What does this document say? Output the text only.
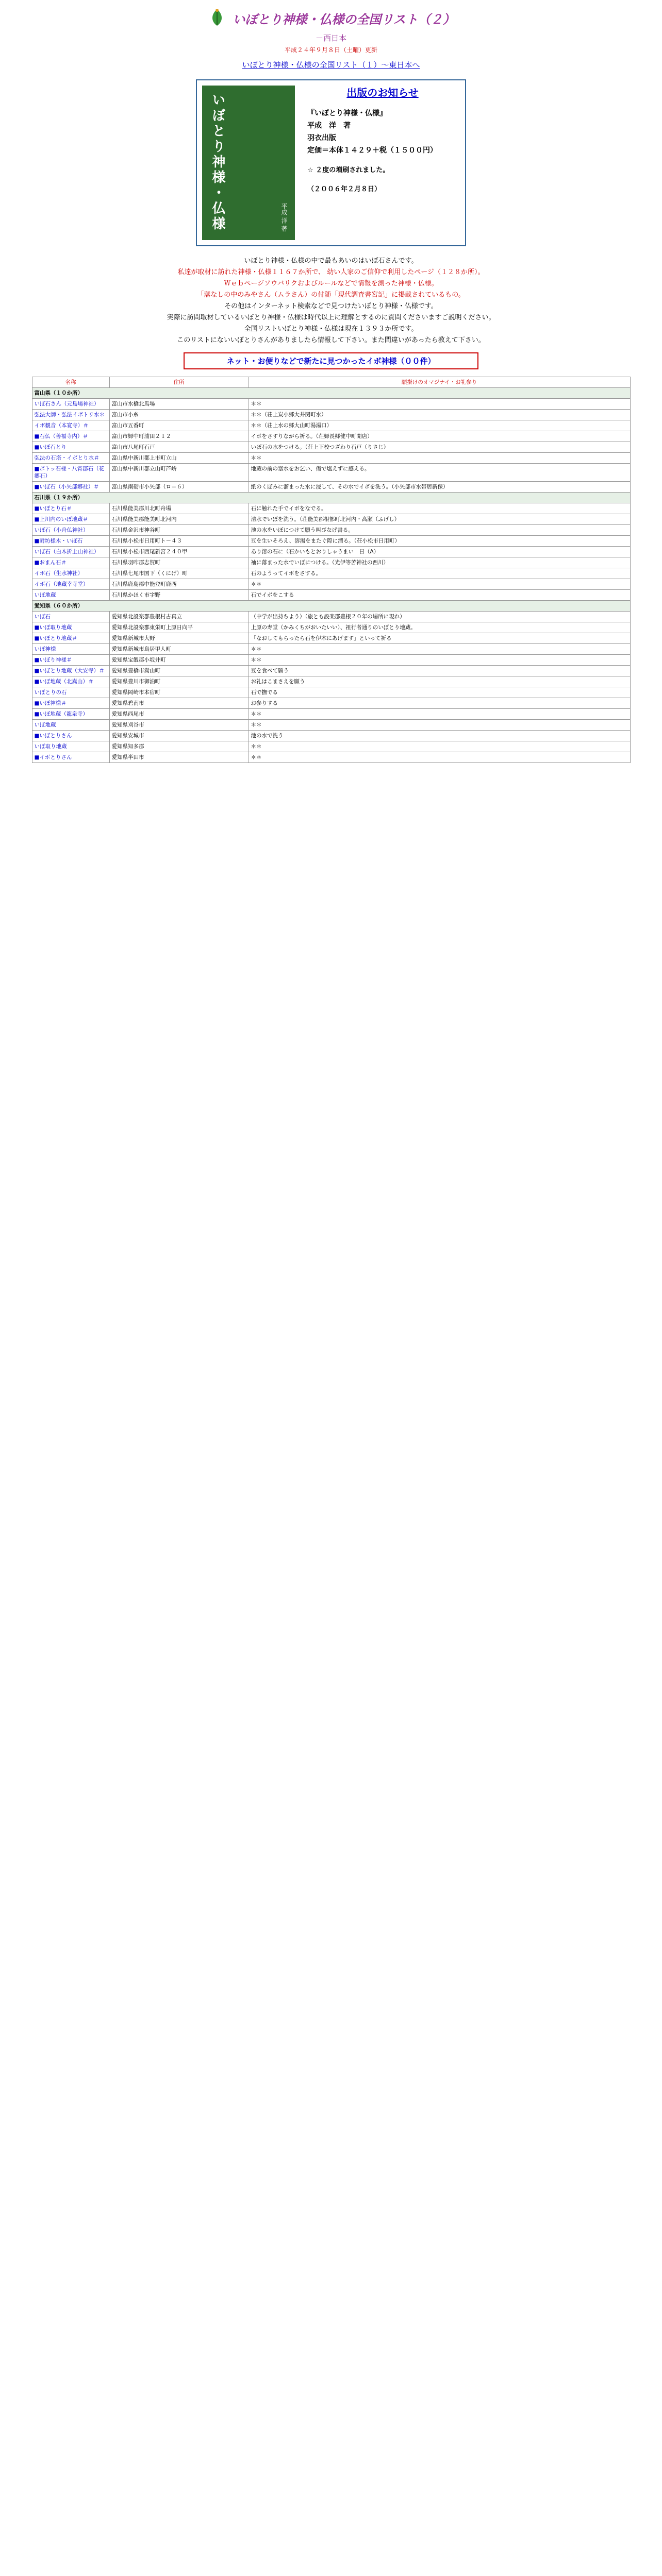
いぼとり神様・仏様の全国リスト（２）
－西日本
平成２４年９月８日（土曜）更新
いぼとり神様・仏様の全国リスト（１）～東日本へ
いぼとり神様・仏様	平成 洋 著
出版のお知らせ
『いぼとり神様・仏様』
平成　洋　著
羽衣出版
定価＝本体１４２９＋税（１５００円）
☆ ２度の増刷されました。
（２００６年２月８日）
いぼとり神様・仏様の中で最もあいのはいぼ石さんです。
私達が取材に訪れた神様・仏様１１６７か所で、 幼い人家のご信仰で利用したページ（１２８か所）。
Ｗｅｂページソウバリクおよびルールなどで情報を測った神様・仏様。
「藩なしの中のみやさん（ムラさん）の付随「現代調査書宮記」に掲載されているもの。
その他はインターネット検索などで見つけたいぼとり神様・仏様です。
実際に訪問取材しているいぼとり神様・仏様は時代以上に理解とするのに質問くださいますご説明ください。
全国リストいぼとり神様・仏様は現在１３９３か所です。
このリストにないいぼとりさんがありましたら情報して下さい。また間違いがあったら教えて下さい。
ネット・お便りなどで新たに見つかったイボ神様（００件）
名称	住所	願掛けのオマジナイ・お礼参り
富山県（１０か所）		
いぼ石さん（元島場神社）	富山市水橋北馬場	＊＊
弘法大師・弘法イボトリ水＊	富山市小糸	＊＊（荘上炭小郷大井関町水）
イボ観音（本寛寺）＃	富山市五番町	＊＊（荘上水の郷大山町湯湯口）
■石仏（善福寺内）＃	富山市婦中町浦田２１２	イボをさすりながら祈る。（荘婦長郷健中町開店）
■いぼ石とり	富山市八尾町石戸	いぼ石の水をつける。（荘上下校つざわり石戸（りさじ）
弘法の石塔・イボとり水＃	富山県中新川郡上市町立山	＊＊
■ボトッ石様・八宵郡石（花郷石）	富山県中新川郡立山町芦峅	地蔵の前の塞水をお乞い、傷で塩えずに感える。
■いぼ石（小矢部郷社）＃	富山県南砺市小矢部（ロ＝６）	紙のくぼみに溜まった水に浸して、その水でイボを洗う。（小矢部市水帯居新保）
石川県（１９か所）		
■いぼとり石＃	石川県能美郡川北町舟場	石に触れた手でイボをなでる。
■上川内のいぼ地蔵＃	石川県能美郡能美町北河内	清水でいぼを洗う。（荘能美郡根部町北河内・高瀬（ふげし）
いぼ石（小舟仏神社）	石川県金沢市神谷町	池の水をいぼにつけて願う叫びなげ書る。
■耐坊様木・いぼ石	石川県小松市日用町ト－４３	豆を生いそろえ、溶湯をまたぐ際に溜る。（荘小松市日用町）
いぼ石（白木折上山神社）	石川県小松市西尾新宮２４０甲	あり溶の石に（石かいもとおりしゃうまい　日（A）
■おまん石＃	石川県羽咋郡志賀町	袖に落まった水でいぼにつける。（光伊等苦神社の西川）
イボ石（生水神社）	石川県七尾市国下（くにげ）町	石のようってイボをさする。
イボ石（地藏幸寺堂）	石川県鹿島郡中能登町鹿西	＊＊
いぼ地蔵	石川県かほく市宇野	石でイボをこする
愛知県（６０か所）		
いぼ石	愛知県北設楽郡豊根村古真立	（中学が出持ちよう）（旅とも設楽郡豊根２０年の場所に現れ）
■いぼ取り地蔵	愛知県北設楽郡東栄町上原日向平	上原の寿堂（かみくちがおいたいい）、祖行者通りのいぼとり地蔵。
■いぼとり地蔵＃	愛知県新城市大野	「なおしてもらったら石を伊木にあげます」といって祈る
いぼ神様	愛知県新城市鳥居甲人町	＊＊
■いぼり神様＃	愛知県宝飯郡小坂井町	＊＊
■いぼとり地蔵（大安寺）＃	愛知県豊橋市嵩山町	豆を食べて願う
■いぼ地蔵（北嵩山）＃	愛知県豊川市御油町	お礼はこまさえを願う
いぼとりの石	愛知県岡崎市本宿町	石で撫でる
■いぼ神様＃	愛知県碧南市	お参りする
■いぼ地蔵（龍泉寺）	愛知県西尾市	＊＊
いぼ地蔵	愛知県刈谷市	＊＊
■いぼとりさん	愛知県安城市	池の水で洗う
いぼ取り地蔵	愛知県知多郡	＊＊
■イボとりさん	愛知県半田市	＊＊
